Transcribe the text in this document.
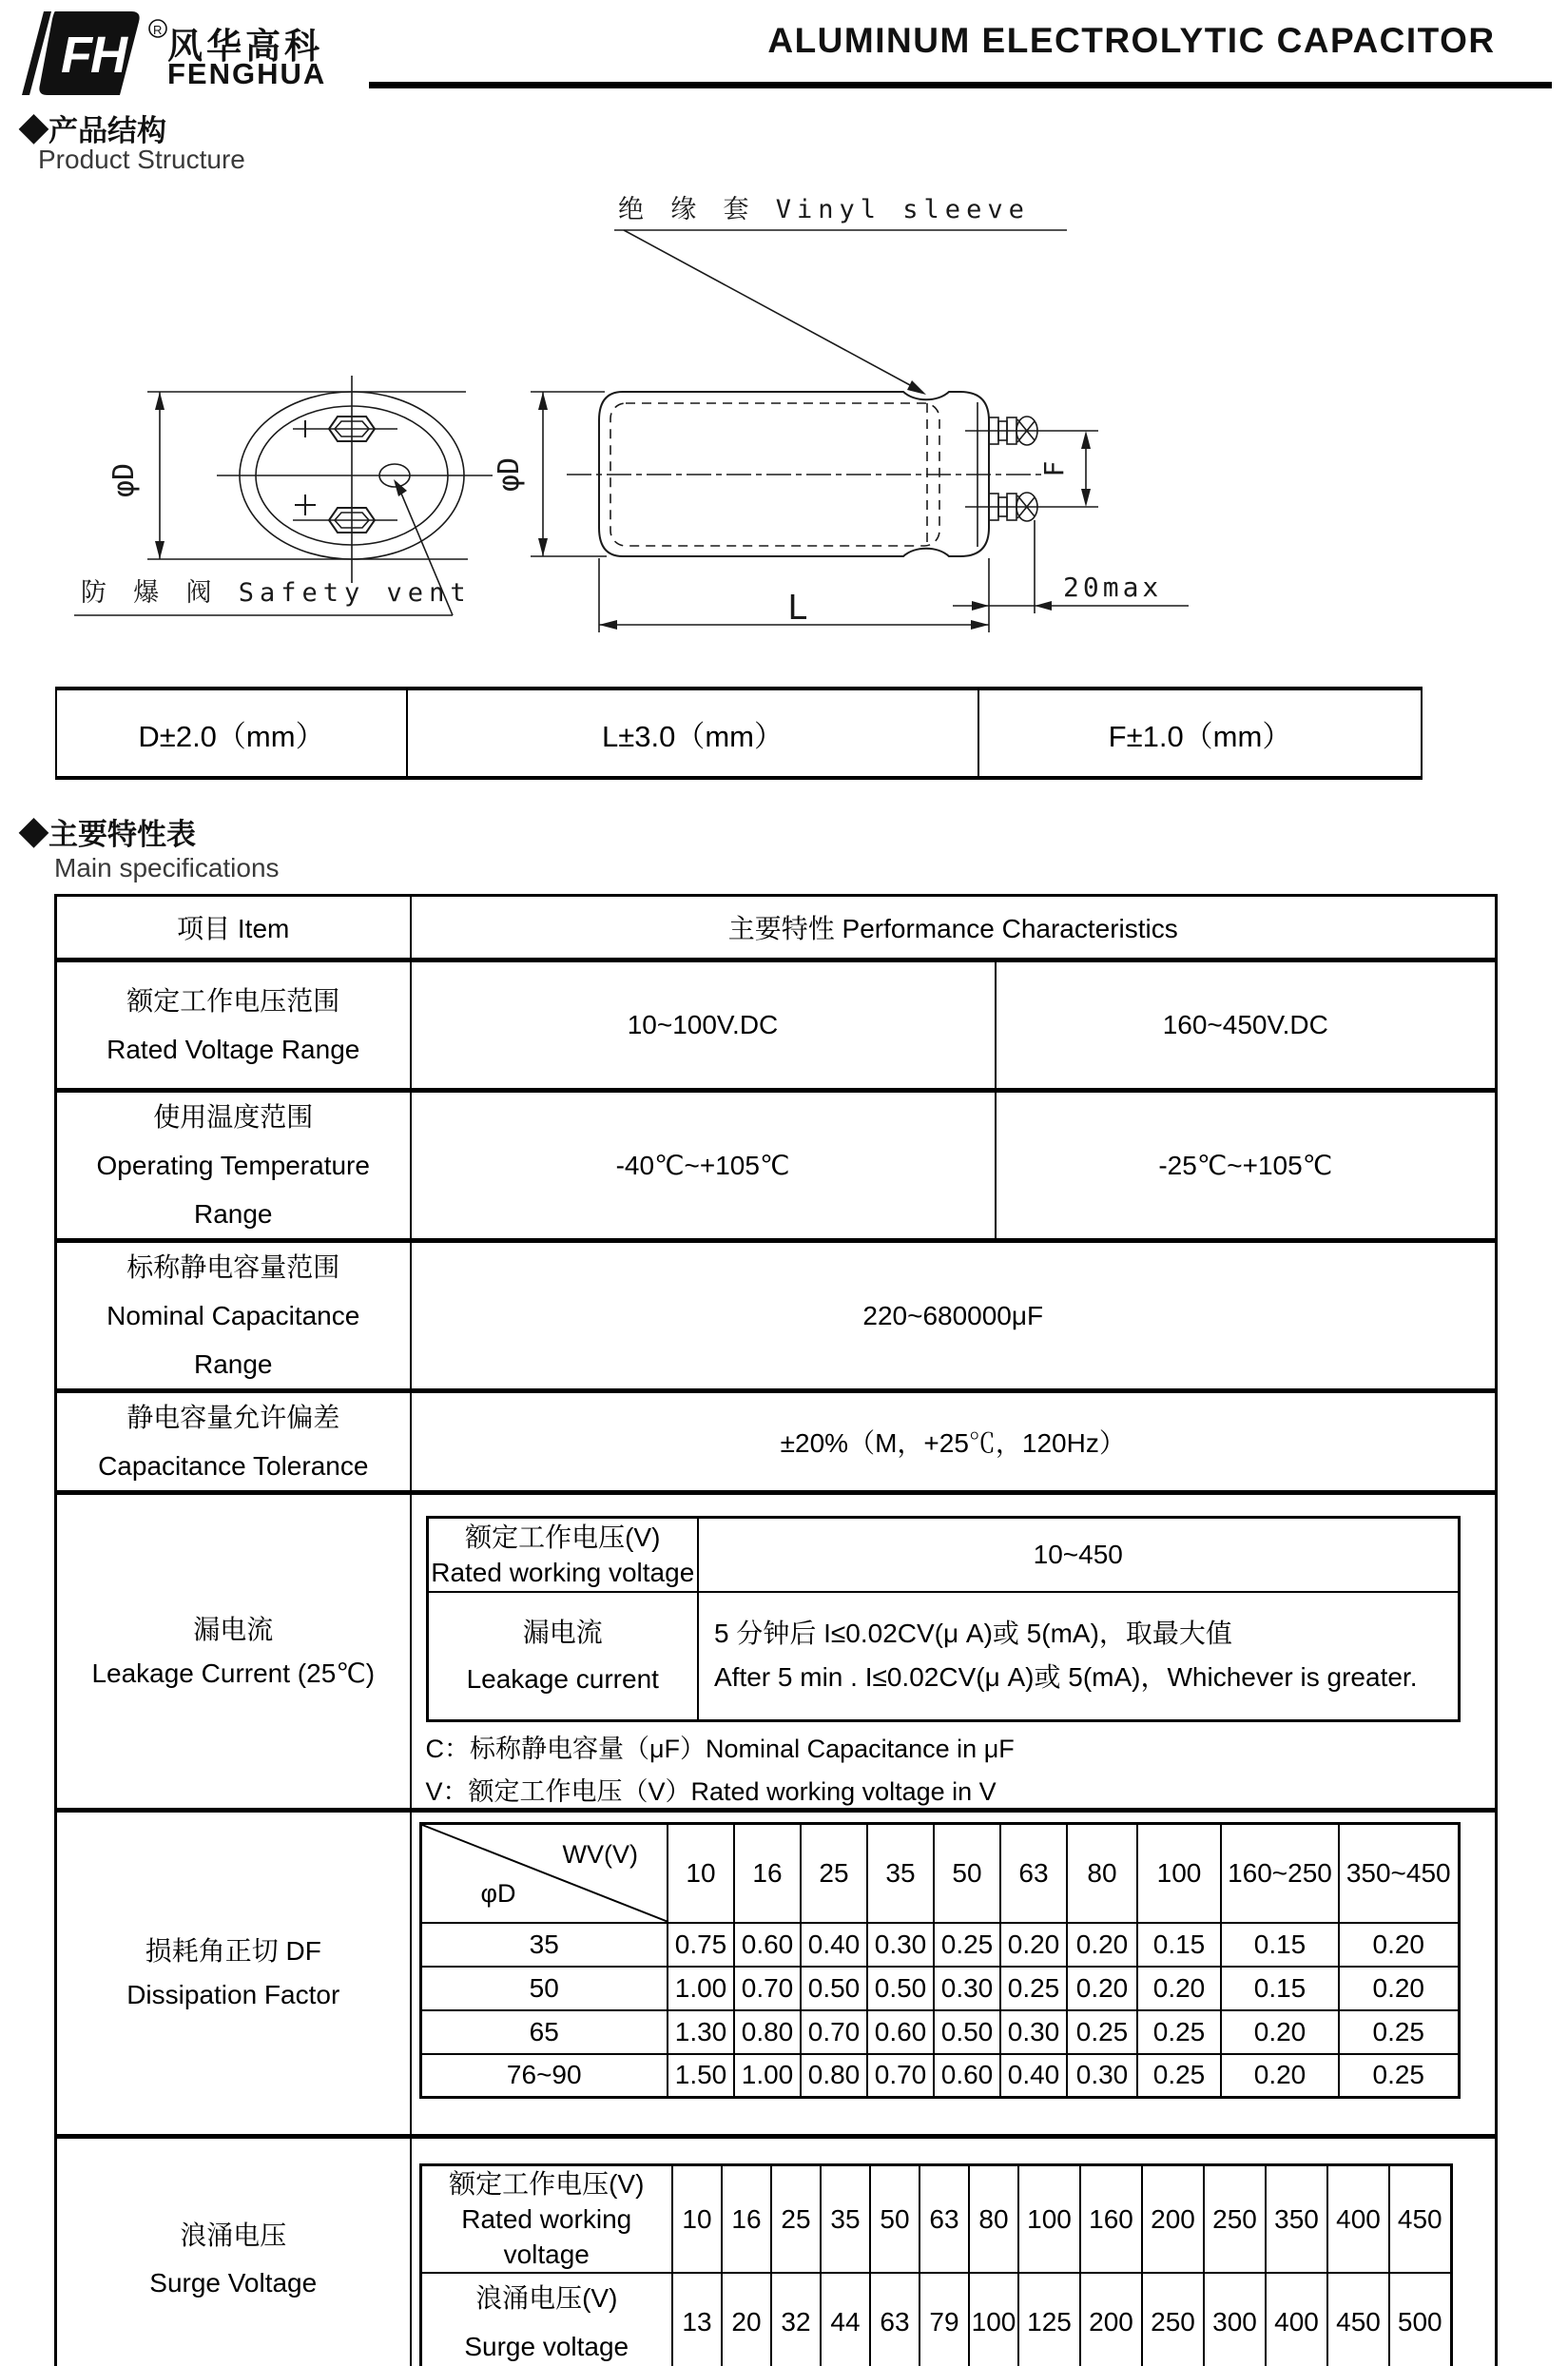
FH R 风华高科
FENGHUA
ALUMINUM ELECTROLYTIC CAPACITOR
◆产品结构
Product Structure
φD
防 爆 阀 Safety vent
F
φD
L
20max
绝 缘 套 Vinyl sleeve
D±2.0（mm）	L±3.0（mm）	F±1.0（mm）
◆主要特性表
Main specifications
项目 Item	主要特性 Performance Characteristics

额定工作电压范围
Rated Voltage Range
	10~100V.DC	160~450V.DC

使用温度范围
Operating Temperature
Range
	-40℃~+105℃	-25℃~+105℃

标称静电容量范围
Nominal Capacitance
Range
	220~680000μF

静电容量允许偏差
Capacitance Tolerance
	±20%（M，+25℃，120Hz）

漏电流
Leakage Current (25℃)

额定工作电压(V)
Rated working voltage
	10~450

漏电流
Leakage current

5 分钟后 I≤0.02CV(μ A)或 5(mA)，取最大值
After 5 min . I≤0.02CV(μ A)或 5(mA)，Whichever is greater.
C：标称静电容量（μF）Nominal Capacitance in μF
V：额定工作电压（V）Rated working voltage in V

损耗角正切 DF
Dissipation Factor

WV(V)
φD
	10	16	25	35	50	63	80	100	160~250	350~450
35	0.75	0.60	0.40	0.30	0.25	0.20	0.20	0.15	0.15	0.20
50	1.00	0.70	0.50	0.50	0.30	0.25	0.20	0.20	0.15	0.20
65	1.30	0.80	0.70	0.60	0.50	0.30	0.25	0.25	0.20	0.25
76~90	1.50	1.00	0.80	0.70	0.60	0.40	0.30	0.25	0.20	0.25

浪涌电压
Surge Voltage

额定工作电压(V)
Rated working voltage
	10	16	25	35	50	63	80	100	160	200	250	350	400	450

浪涌电压(V)
Surge voltage
	13	20	32	44	63	79	100	125	200	250	300	400	450	500
